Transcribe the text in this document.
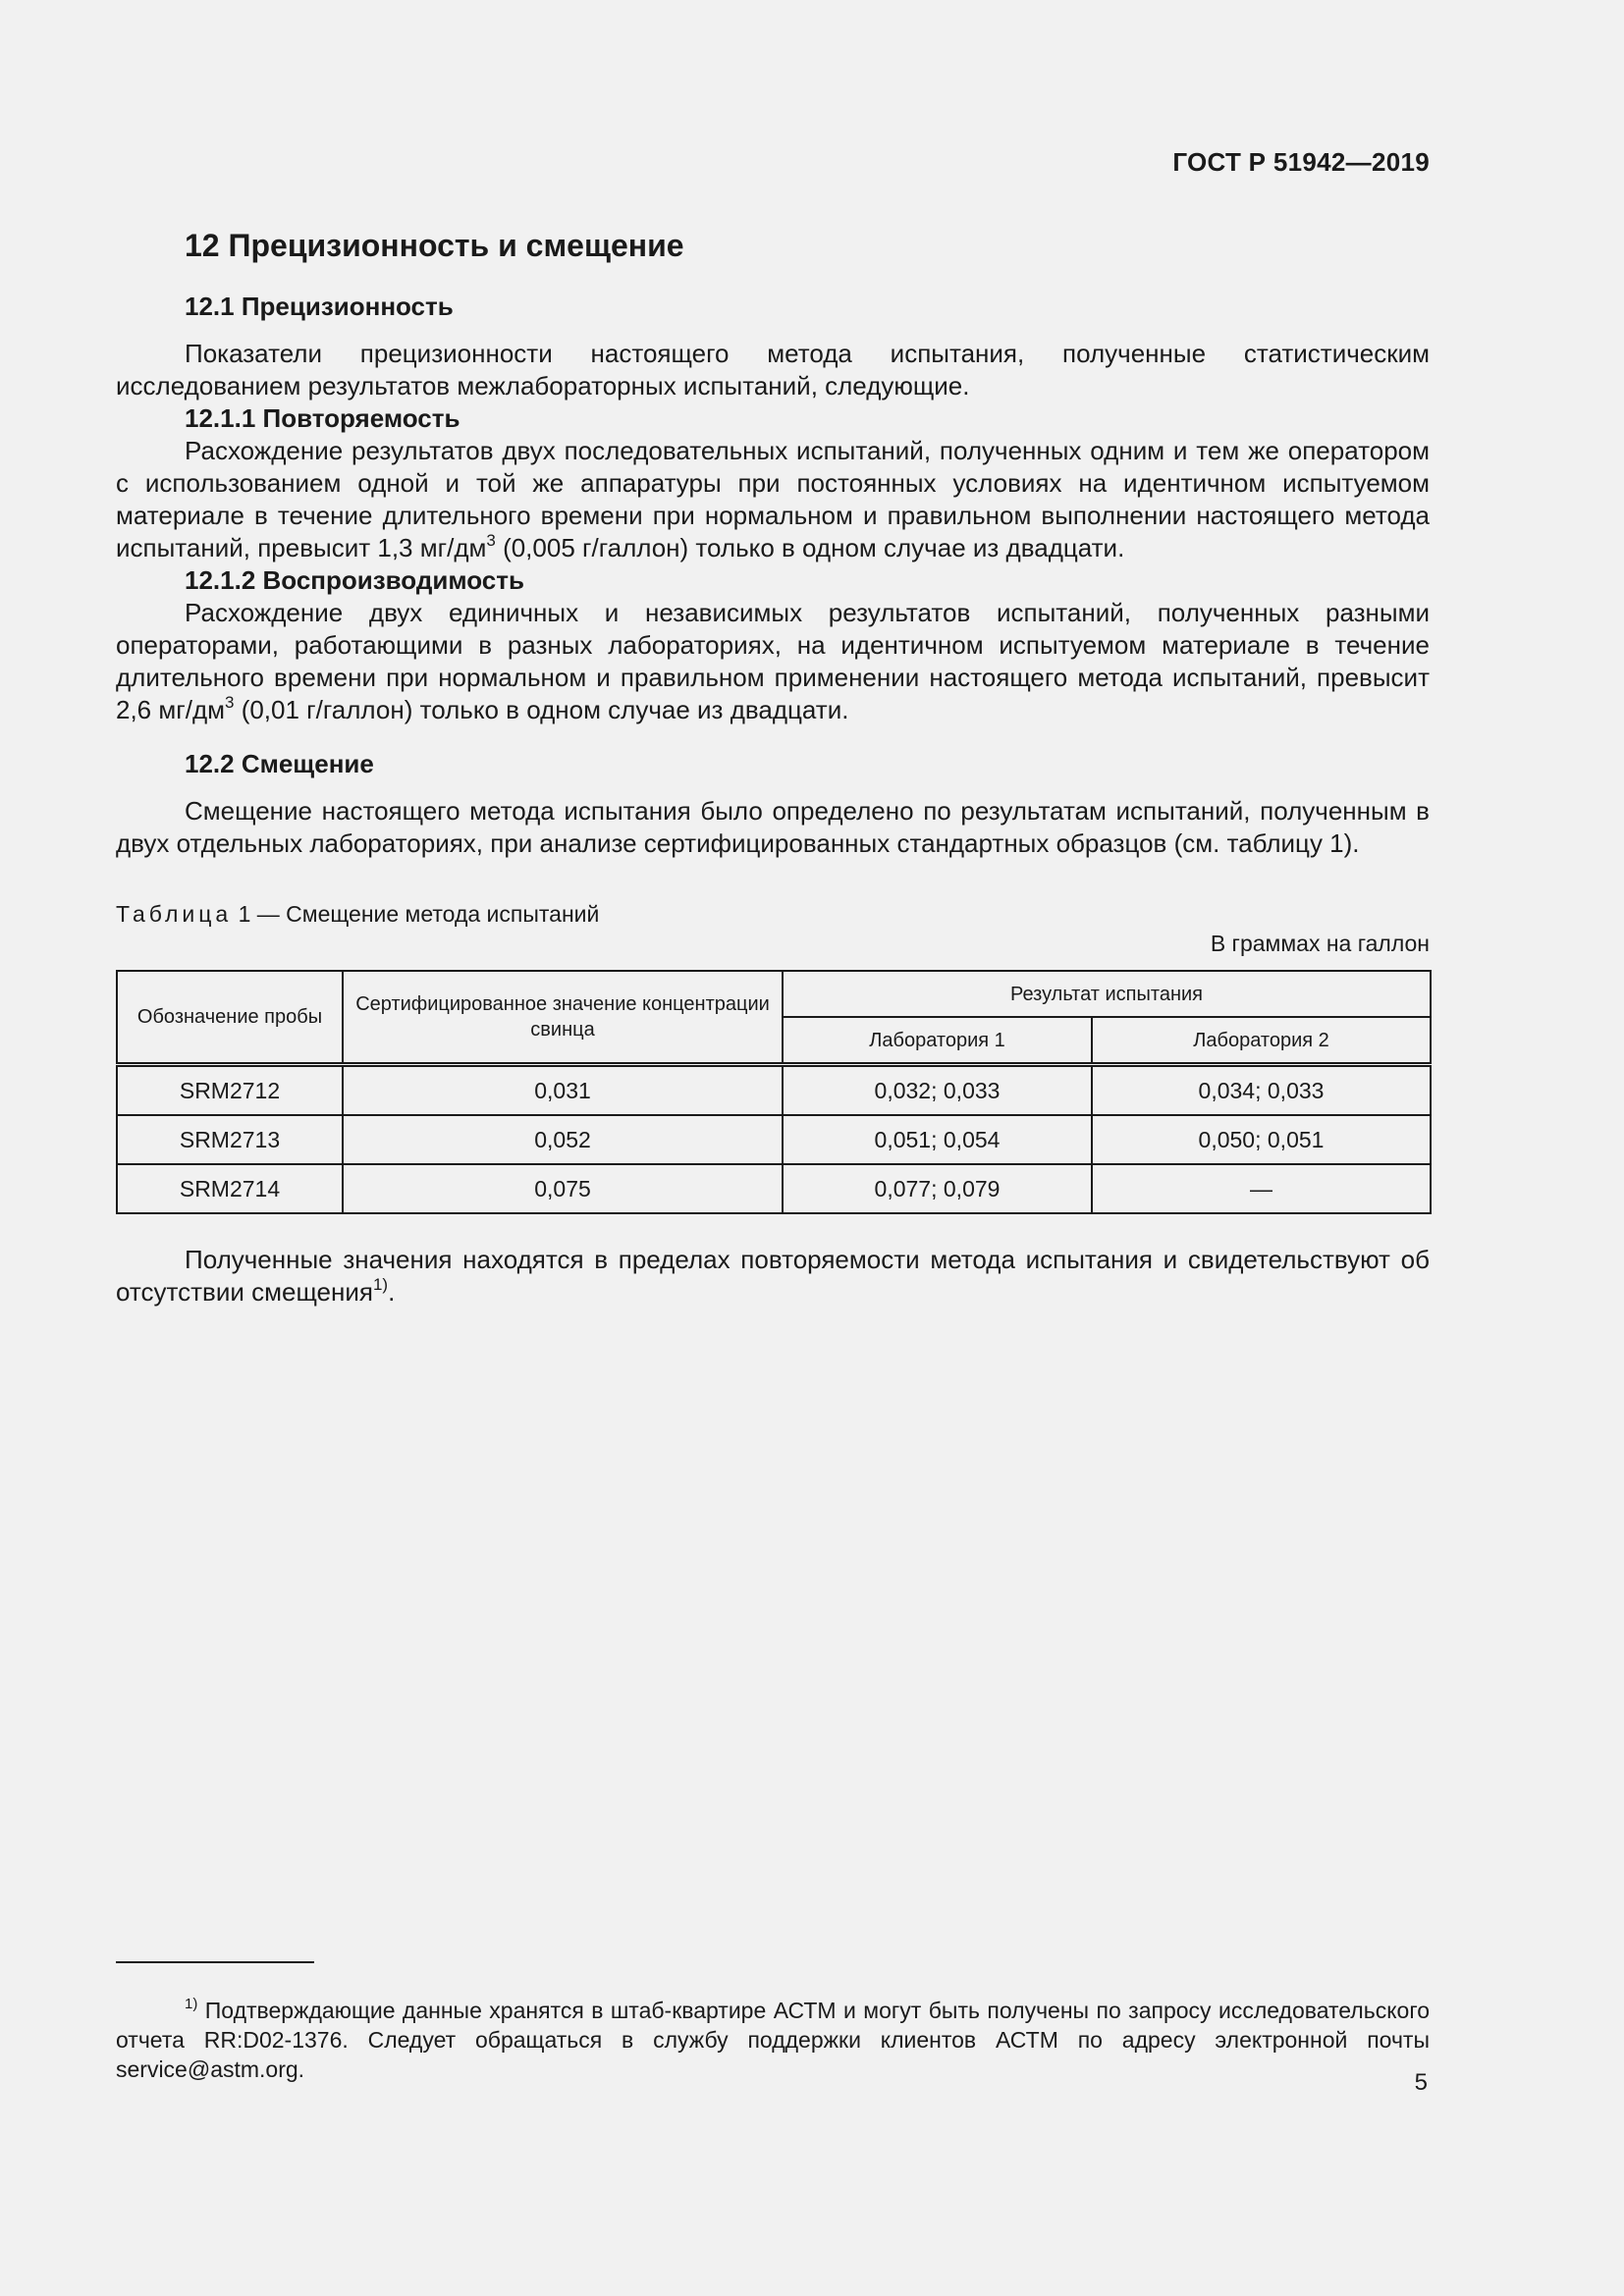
ГОСТ Р 51942—2019
12 Прецизионность и смещение
12.1 Прецизионность

Показатели прецизионности настоящего метода испытания, полученные статистическим исследованием результатов межлабораторных испытаний, следующие.

12.1.1 Повторяемость

Расхождение результатов двух последовательных испытаний, полученных одним и тем же оператором с использованием одной и той же аппаратуры при постоянных условиях на идентичном испытуемом материале в течение длительного времени при нормальном и правильном выполнении настоящего метода испытаний, превысит 1,3 $мг/дм^3$ (0,005 г/галлон) только в одном случае из двадцати.

12.1.2 Воспроизводимость

Расхождение двух единичных и независимых результатов испытаний, полученных разными операторами, работающими в разных лабораториях, на идентичном испытуемом материале в течение длительного времени при нормальном и правильном применении настоящего метода испытаний, превысит 2,6 $мг/дм^3$ (0,01 г/галлон) только в одном случае из двадцати.

12.2 Смещение

Смещение настоящего метода испытания было определено по результатам испытаний, полученным в двух отдельных лабораториях, при анализе сертифицированных стандартных образцов (см. таблицу 1).

Таблица 1 — Смещение метода испытаний
В граммах на галлон
Обозначение пробы	Сертифицированное значение концентрации свинца	Результат испытания	
		Лаборатория 1	Лаборатория 2
SRM2712	0,031	0,032; 0,033	0,034; 0,033
SRM2713	0,052	0,051; 0,054	0,050; 0,051
SRM2714	0,075	0,077; 0,079	—

Полученные значения находятся в пределах повторяемости метода испытания и свидетельствуют об отсутствии смещения$^{1)}$.

$^{1)}$ Подтверждающие данные хранятся в штаб-квартире АСТМ и могут быть получены по запросу исследовательского отчета RR:D02-1376. Следует обращаться в службу поддержки клиентов АСТМ по адресу электронной почты service@astm.org.	5
